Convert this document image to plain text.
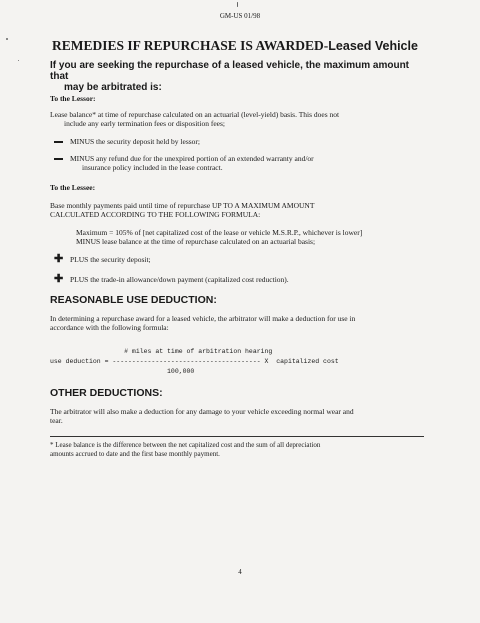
GM-US 01/98
REMEDIES IF REPURCHASE IS AWARDED-Leased Vehicle
If you are seeking the repurchase of a leased vehicle, the maximum amount that
may be arbitrated is:
To the Lessor:
Lease balance* at time of repurchase calculated on an actuarial (level-yield) basis. This does not
include any early termination fees or disposition fees;
MINUS the security deposit held by lessor;
MINUS any refund due for the unexpired portion of an extended warranty and/or
insurance policy included in the lease contract.
To the Lessee:
Base monthly payments paid until time of repurchase UP TO A MAXIMUM AMOUNT
CALCULATED ACCORDING TO THE FOLLOWING FORMULA:
Maximum = 105% of [net capitalized cost of the lease or vehicle M.S.R.P., whichever is lower]
MINUS lease balance at the time of repurchase calculated on an actuarial basis;
✚ PLUS the security deposit;
✚ PLUS the trade-in allowance/down payment (capitalized cost reduction).
REASONABLE USE DEDUCTION:
In determining a repurchase award for a leased vehicle, the arbitrator will make a deduction for use in
accordance with the following formula:
# miles at time of arbitration hearing
use deduction = -------------------------------------- X  capitalized cost
100,000
OTHER DEDUCTIONS:
The arbitrator will also make a deduction for any damage to your vehicle exceeding normal wear and
tear.
* Lease balance is the difference between the net capitalized cost and the sum of all depreciation
amounts accrued to date and the first base monthly payment.
4
